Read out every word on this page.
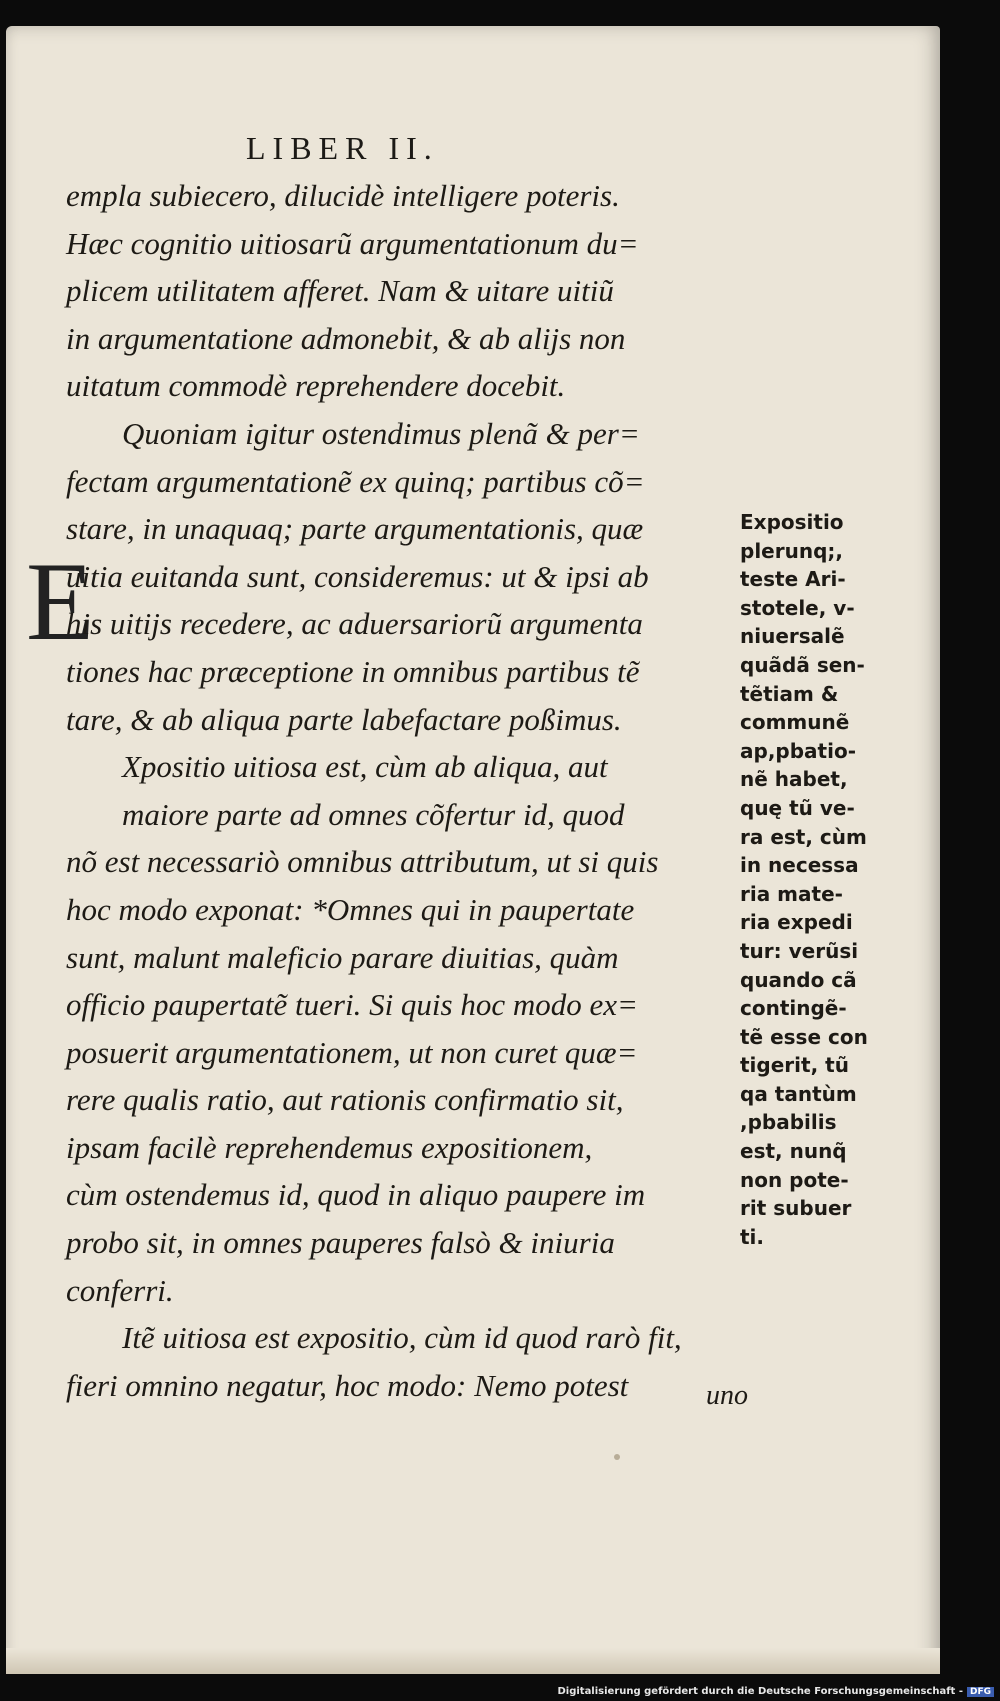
LIBER II.
E
empla subiecero, dilucidè intelligere poteris.
Hæc cognitio uitiosarũ argumentationum du=
plicem utilitatem afferet. Nam & uitare uitiũ
in argumentatione admonebit, & ab alijs non
uitatum commodè reprehendere docebit.
Quoniam igitur ostendimus plenã & per=
fectam argumentationẽ ex quinq; partibus cõ=
stare, in unaquaq; parte argumentationis, quæ
uitia euitanda sunt, consideremus: ut & ipsi ab
his uitijs recedere, ac aduersariorũ argumenta
tiones hac præceptione in omnibus partibus tẽ
tare, & ab aliqua parte labefactare poßimus.
Xpositio uitiosa est, cùm ab aliqua, aut
maiore parte ad omnes cõfertur id, quod
nõ est necessariò omnibus attributum, ut si quis
hoc modo exponat: *Omnes qui in paupertate
sunt, malunt maleficio parare diuitias, quàm
officio paupertatẽ tueri. Si quis hoc modo ex=
posuerit argumentationem, ut non curet quæ=
rere qualis ratio, aut rationis confirmatio sit,
ipsam facilè reprehendemus expositionem,
cùm ostendemus id, quod in aliquo paupere im
probo sit, in omnes pauperes falsò & iniuria
conferri.
Itẽ uitiosa est expositio, cùm id quod rarò fit,
fieri omnino negatur, hoc modo: Nemo potest
Expositio
plerunq;,
teste Ari-
stotele, v-
niuersalẽ
quãdã sen-
tẽtiam &
communẽ
ap,pbatio-
nẽ habet,
quę tũ ve-
ra est, cùm
in necessa
ria mate-
ria expedi
tur: verũsi
quando cã
contingẽ-
tẽ esse con
tigerit, tũ
qa tantùm
,pbabilis
est, nunq̃
non pote-
rit subuer
ti.
uno
Digitalisierung gefördert durch die Deutsche Forschungsgemeinschaft - DFG
